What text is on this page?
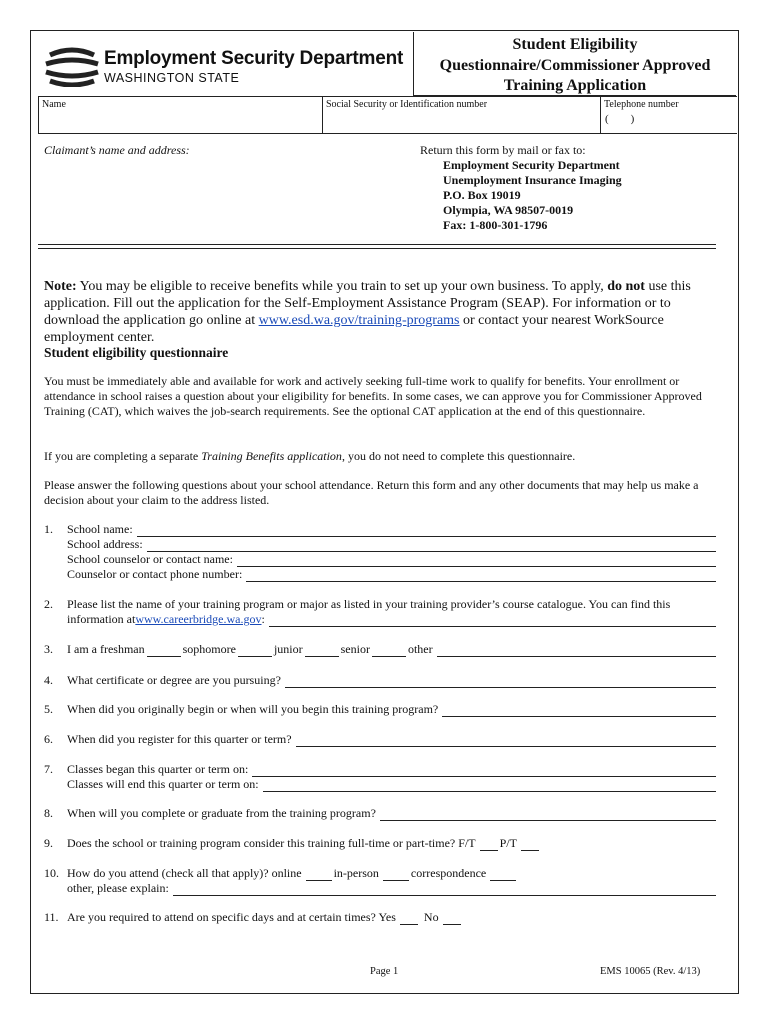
Employment Security Department
WASHINGTON STATE
Student Eligibility
Questionnaire/Commissioner Approved
Training Application
Name	Social Security or Identification number	Telephone number
(        )
Claimant’s name and address:	Return this form by mail or fax to:
Employment Security Department
Unemployment Insurance Imaging
P.O. Box 19019
Olympia, WA 98507-0019
Fax: 1-800-301-1796
Note: You may be eligible to receive benefits while you train to set up your own business. To apply, do not use this application. Fill out the application for the Self-Employment Assistance Program (SEAP). For information or to download the application go online at www.esd.wa.gov/training-programs or contact your nearest WorkSource employment center.
Student eligibility questionnaire
You must be immediately able and available for work and actively seeking full-time work to qualify for benefits. Your enrollment or attendance in school raises a question about your eligibility for benefits. In some cases, we can approve you for Commissioner Approved Training (CAT), which waives the job-search requirements. See the optional CAT application at the end of this questionnaire.
If you are completing a separate Training Benefits application, you do not need to complete this questionnaire.
Please answer the following questions about your school attendance. Return this form and any other documents that may help us make a decision about your claim to the address listed.
1. School name:
School address:
School counselor or contact name:
Counselor or contact phone number:
2. Please list the name of your training program or major as listed in your training provider’s course catalogue. You can find this
information at www.careerbridge.wa.gov :
3. I am a freshman	sophomore	junior	senior	other
4. What certificate or degree are you pursuing?
5. When did you originally begin or when will you begin this training program?
6. When did you register for this quarter or term?
7. Classes began this quarter or term on:
Classes will end this quarter or term on:
8. When will you complete or graduate from the training program?
9. Does the school or training program consider this training full-time or part-time? F/T P/T
10. How do you attend (check all that apply)? online	in-person	correspondence
other, please explain:
11. Are you required to attend on specific days and at certain times? Yes No
Page 1	EMS 10065 (Rev. 4/13)
